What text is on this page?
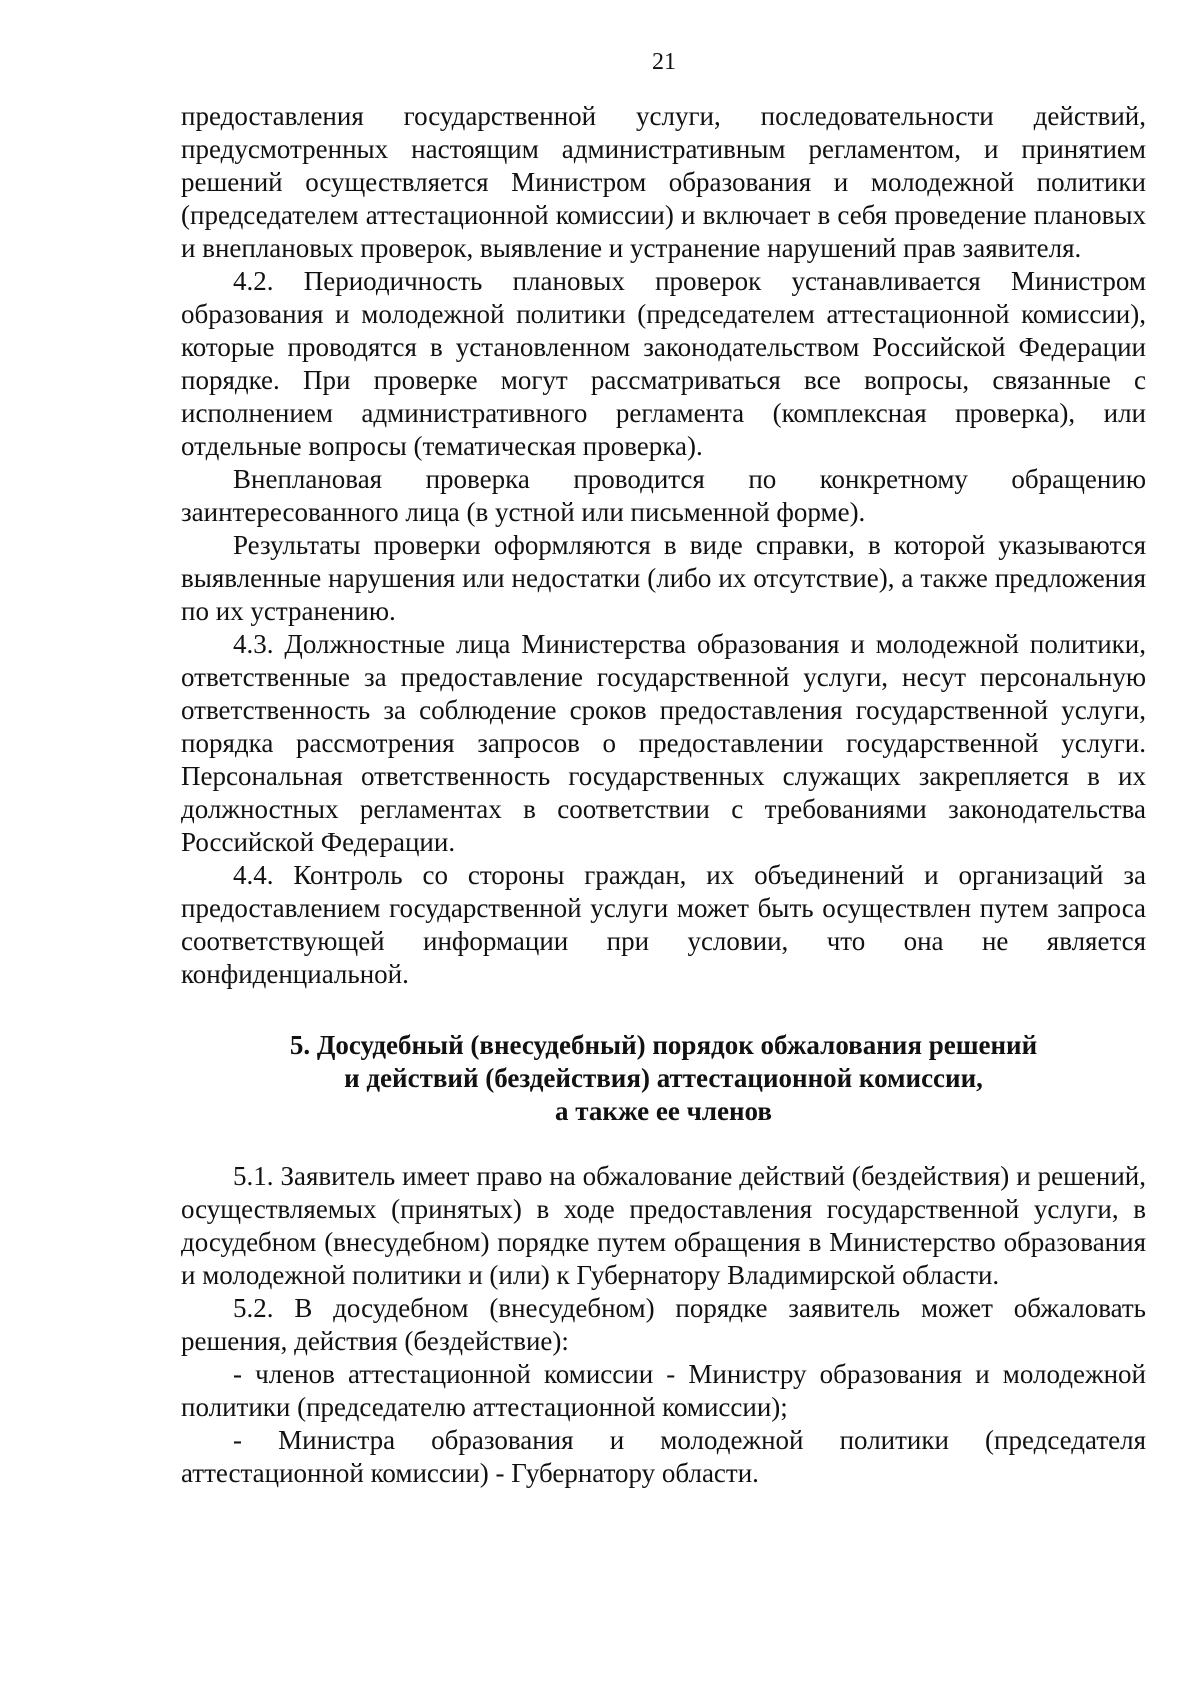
21

предоставления государственной услуги, последовательности действий, предусмотренных настоящим административным регламентом, и принятием решений осуществляется Министром образования и молодежной политики (председателем аттестационной комиссии) и включает в себя проведение плановых и внеплановых проверок, выявление и устранение нарушений прав заявителя.

4.2. Периодичность плановых проверок устанавливается Министром образования и молодежной политики (председателем аттестационной комиссии), которые проводятся в установленном законодательством Российской Федерации порядке. При проверке могут рассматриваться все вопросы, связанные с исполнением административного регламента (комплексная проверка), или отдельные вопросы (тематическая проверка).

Внеплановая проверка проводится по конкретному обращению заинтересованного лица (в устной или письменной форме).

Результаты проверки оформляются в виде справки, в которой указываются выявленные нарушения или недостатки (либо их отсутствие), а также предложения по их устранению.

4.3. Должностные лица Министерства образования и молодежной политики, ответственные за предоставление государственной услуги, несут персональную ответственность за соблюдение сроков предоставления государственной услуги, порядка рассмотрения запросов о предоставлении государственной услуги. Персональная ответственность государственных служащих закрепляется в их должностных регламентах в соответствии с требованиями законодательства Российской Федерации.

4.4. Контроль со стороны граждан, их объединений и организаций за предоставлением государственной услуги может быть осуществлен путем запроса соответствующей информации при условии, что она не является конфиденциальной.

5. Досудебный (внесудебный) порядок обжалования решений
и действий (бездействия) аттестационной комиссии,
а также ее членов

5.1. Заявитель имеет право на обжалование действий (бездействия) и решений, осуществляемых (принятых) в ходе предоставления государственной услуги, в досудебном (внесудебном) порядке путем обращения в Министерство образования и молодежной политики и (или) к Губернатору Владимирской области.

5.2. В досудебном (внесудебном) порядке заявитель может обжаловать решения, действия (бездействие):

- членов аттестационной комиссии - Министру образования и молодежной политики (председателю аттестационной комиссии);

- Министра образования и молодежной политики (председателя аттестационной комиссии) - Губернатору области.
